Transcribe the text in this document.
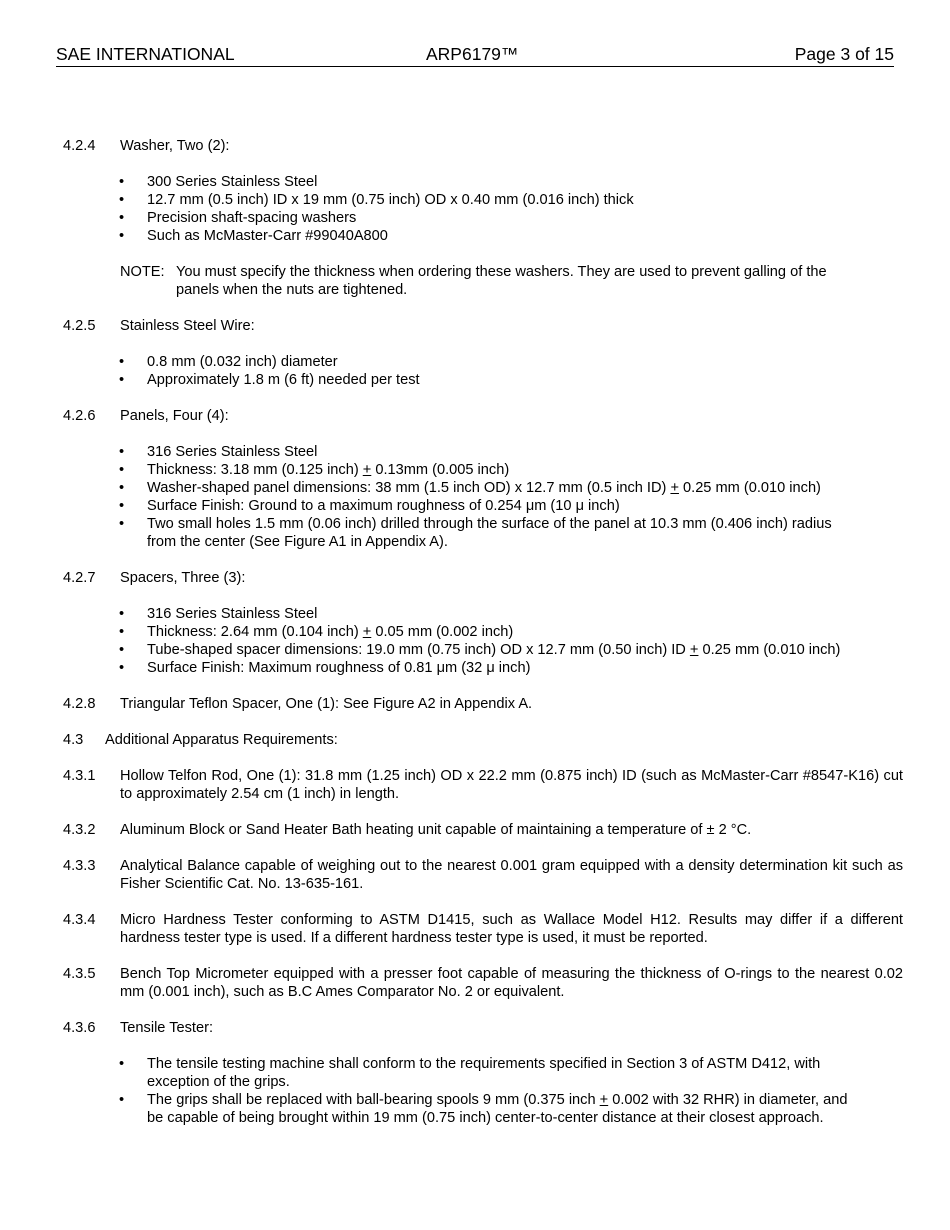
SAE INTERNATIONAL	ARP6179™	Page 3 of 15
4.2.4 Washer, Two (2):
• 300 Series Stainless Steel
• 12.7 mm (0.5 inch) ID x 19 mm (0.75 inch) OD x 0.40 mm (0.016 inch) thick
• Precision shaft-spacing washers
• Such as McMaster-Carr #99040A800
NOTE: You must specify the thickness when ordering these washers. They are used to prevent galling of the
panels when the nuts are tightened.
4.2.5 Stainless Steel Wire:
• 0.8 mm (0.032 inch) diameter
• Approximately 1.8 m (6 ft) needed per test
4.2.6 Panels, Four (4):
• 316 Series Stainless Steel
• Thickness: 3.18 mm (0.125 inch) + 0.13mm (0.005 inch)
• Washer-shaped panel dimensions: 38 mm (1.5 inch OD) x 12.7 mm (0.5 inch ID) + 0.25 mm (0.010 inch)
• Surface Finish: Ground to a maximum roughness of 0.254 μm (10 μ inch)
• Two small holes 1.5 mm (0.06 inch) drilled through the surface of the panel at 10.3 mm (0.406 inch) radius
from the center (See Figure A1 in Appendix A).
4.2.7 Spacers, Three (3):
• 316 Series Stainless Steel
• Thickness: 2.64 mm (0.104 inch) + 0.05 mm (0.002 inch)
• Tube-shaped spacer dimensions: 19.0 mm (0.75 inch) OD x 12.7 mm (0.50 inch) ID + 0.25 mm (0.010 inch)
• Surface Finish: Maximum roughness of 0.81 μm (32 μ inch)
4.2.8 Triangular Teflon Spacer, One (1): See Figure A2 in Appendix A.
4.3 Additional Apparatus Requirements:
4.3.1 Hollow Telfon Rod, One (1): 31.8 mm (1.25 inch) OD x 22.2 mm (0.875 inch) ID (such as McMaster-Carr #8547-K16) cut to approximately 2.54 cm (1 inch) in length.
4.3.2 Aluminum Block or Sand Heater Bath heating unit capable of maintaining a temperature of ± 2 °C.
4.3.3 Analytical Balance capable of weighing out to the nearest 0.001 gram equipped with a density determination kit such as Fisher Scientific Cat. No. 13-635-161.
4.3.4 Micro Hardness Tester conforming to ASTM D1415, such as Wallace Model H12. Results may differ if a different hardness tester type is used. If a different hardness tester type is used, it must be reported.
4.3.5 Bench Top Micrometer equipped with a presser foot capable of measuring the thickness of O-rings to the nearest 0.02 mm (0.001 inch), such as B.C Ames Comparator No. 2 or equivalent.
4.3.6 Tensile Tester:
• The tensile testing machine shall conform to the requirements specified in Section 3 of ASTM D412, with
exception of the grips.
• The grips shall be replaced with ball-bearing spools 9 mm (0.375 inch + 0.002 with 32 RHR) in diameter, and
be capable of being brought within 19 mm (0.75 inch) center-to-center distance at their closest approach.
